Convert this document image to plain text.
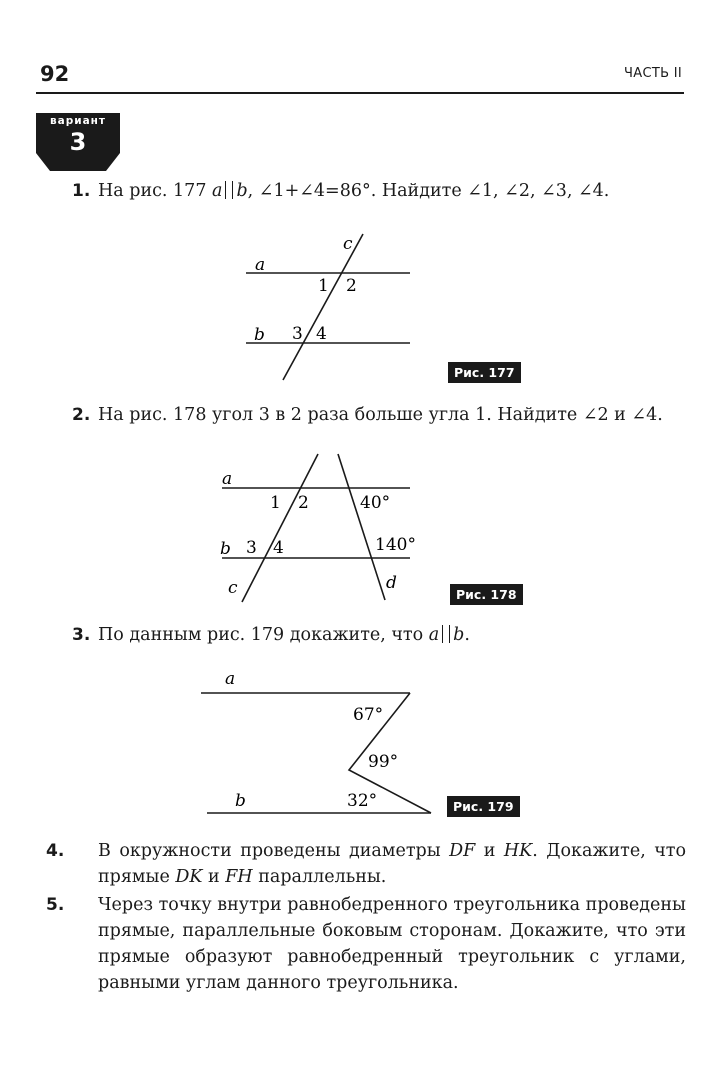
92	ЧАСТЬ II
вариант
3
1. На рис. 177 a b, ∠1+∠4=86°. Найдите ∠1, ∠2, ∠3, ∠4.
a
b
c
1 2
3 4
Рис. 177
2. На рис. 178 угол 3 в 2 раза больше угла 1. Найдите ∠2 и ∠4.
a
b
c	d
1 2
3 4
40°
140°
Рис. 178
3. По данным рис. 179 докажите, что a b.
a
b
67°
99°
32°	Рис. 179
4. В окружности проведены диаметры DF и HK. Докажите, что прямые DK и FH параллельны.
5. Через точку внутри равнобедренного треугольника проведены прямые, параллельные боковым сторонам. Докажите, что эти прямые образуют равнобедренный треугольник с углами, равными углам данного треугольника.
